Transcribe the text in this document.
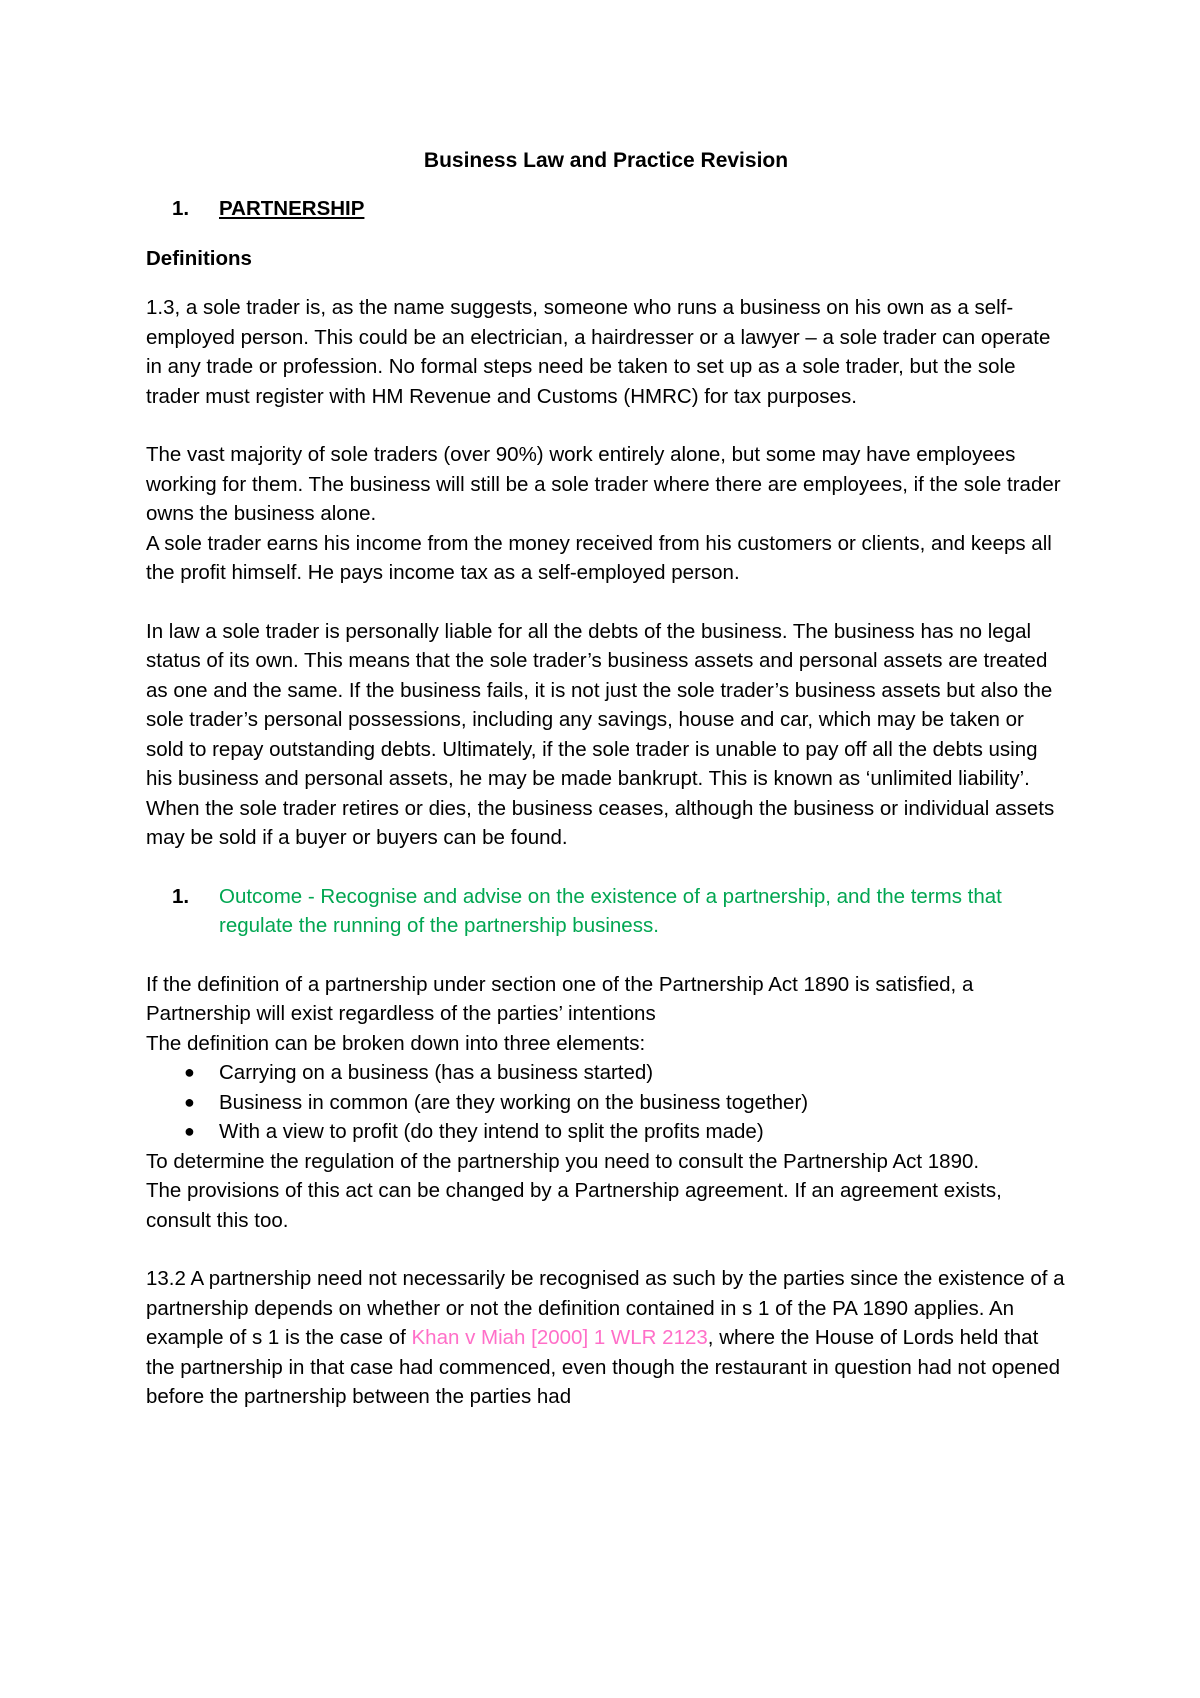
Business Law and Practice Revision
1. PARTNERSHIP
Definitions

1.3, a sole trader is, as the name suggests, someone who runs a business on his own as a self- employed person. This could be an electrician, a hairdresser or a lawyer – a sole trader can operate in any trade or profession. No formal steps need be taken to set up as a sole trader, but the sole trader must register with HM Revenue and Customs (HMRC) for tax purposes.

The vast majority of sole traders (over 90%) work entirely alone, but some may have employees working for them. The business will still be a sole trader where there are employees, if the sole trader owns the business alone.

A sole trader earns his income from the money received from his customers or clients, and keeps all the profit himself. He pays income tax as a self-employed person.

In law a sole trader is personally liable for all the debts of the business. The business has no legal status of its own. This means that the sole trader’s business assets and personal assets are treated as one and the same. If the business fails, it is not just the sole trader’s business assets but also the sole trader’s personal possessions, including any savings, house and car, which may be taken or sold to repay outstanding debts. Ultimately, if the sole trader is unable to pay off all the debts using his business and personal assets, he may be made bankrupt. This is known as ‘unlimited liability’.

When the sole trader retires or dies, the business ceases, although the business or individual assets may be sold if a buyer or buyers can be found.

1. Outcome - Recognise and advise on the existence of a partnership, and the terms that regulate the running of the partnership business.

If the definition of a partnership under section one of the Partnership Act 1890 is satisfied, a Partnership will exist regardless of the parties’ intentions

The definition can be broken down into three elements:

● Carrying on a business (has a business started)
● Business in common (are they working on the business together)
● With a view to profit (do they intend to split the profits made)

To determine the regulation of the partnership you need to consult the Partnership Act 1890.

The provisions of this act can be changed by a Partnership agreement. If an agreement exists, consult this too.

13.2 A partnership need not necessarily be recognised as such by the parties since the existence of a partnership depends on whether or not the definition contained in s 1 of the PA 1890 applies. An example of s 1 is the case of Khan v Miah [2000] 1 WLR 2123, where the House of Lords held that the partnership in that case had commenced, even though the restaurant in question had not opened before the partnership between the parties had
